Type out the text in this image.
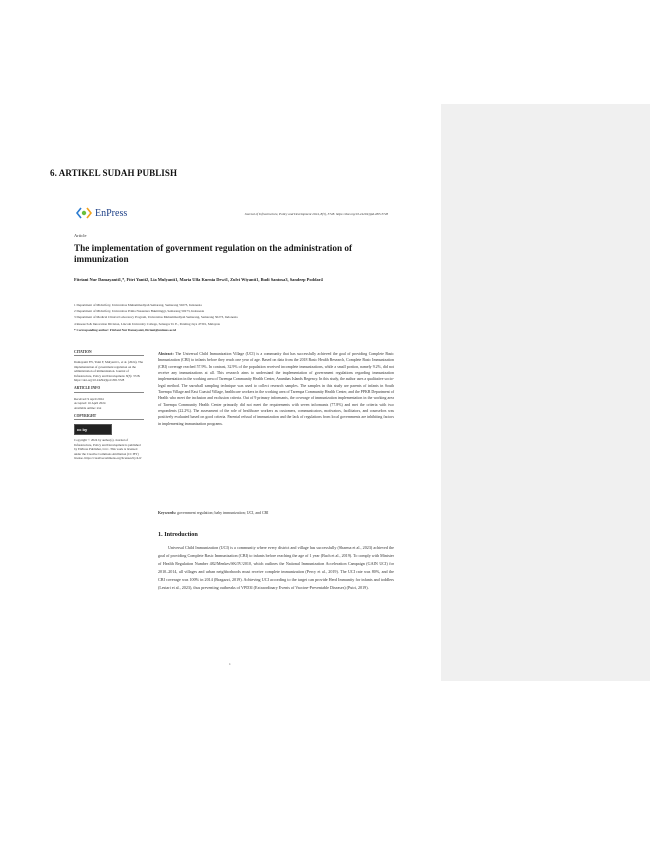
6. ARTIKEL SUDAH PUBLISH
EnPress	Journal of Infrastructure, Policy and Development 2024, 8(5), 3728. https://doi.org/10.24294/jipd.v8i5.3728
Article
The implementation of government regulation on the administration of immunization
Fitriani Nur Damayanti1,*, Fitri Yanti2, Lia Mulyanti1, Maria Ulfa Kurnia Dewi1, Zulvi Wiyanti1, Budi Santosa3, Sandeep Poddar4
1 Department of Midwifery, Universitas Muhammadiyah Semarang, Semarang 50273, Indonesia
2 Department of Midwifery, Universitas Prima Nusantara Bukittinggi, Semarang 50273, Indonesia
3 Department of Medical Clinical Laboratory Program, Universitas Muhammadiyah Semarang, Semarang 50273, Indonesia
4 Research & Innovation Division, Lincoln University College, Selangor D. E., Petaling Jaya 47301, Malaysia
* Corresponding author: Fitriani Nur Damayanti, fitriani@unimus.ac.id

CITATION

Damayanti FN, Yanti F, Mulyanti L, et al. (2024). The implementation of government regulation on the administration of immunization. Journal of Infrastructure, Policy and Development. 8(5): 3728. https://doi.org/10.24294/jipd.v8i5.3728

ARTICLE INFO

Received: 9 April 2024
Accepted: 16 April 2024

Available online: xxx

COPYRIGHT

cc by

Copyright © 2024 by author(s). Journal of Infrastructure, Policy and Development is published by EnPress Publisher, LLC. This work is licensed under the Creative Commons Attribution (CC BY) license. https://creativecommons.org/licenses/by/4.0/

Abstract: The Universal Child Immunization Village (UCI) is a community that has successfully achieved the goal of providing Complete Basic Immunization (CBI) to infants before they reach one year of age. Based on data from the 2018 Basic Health Research, Complete Basic Immunization (CBI) coverage reached 57.9%. In contrast, 32.9% of the population received incomplete immunizations, while a small portion, namely 9.2%, did not receive any immunizations at all. This research aims to understand the implementation of government regulations regarding immunization implementation in the working area of Tarempa Community Health Center, Anambas Islands Regency. In this study, the author uses a qualitative socio-legal method. The snowball sampling technique was used to collect research samples. The samples in this study are parents of infants in South Tarempa Village and East Coastal Village, healthcare workers in the working area of Tarempa Community Health Center, and the PPKB Department of Health who meet the inclusion and exclusion criteria. Out of 9 primary informants, the coverage of immunization implementation in the working area of Tarempa Community Health Center primarily did not meet the requirements with seven informants (77.8%) and met the criteria with two respondents (22.2%). The assessment of the role of healthcare workers as customers, communicators, motivators, facilitators, and counselors was positively evaluated based on good criteria. Parental refusal of immunization and the lack of regulations from local governments are inhibiting factors in implementing immunization programs.

Keywords: government regulation; baby immunization; UCI, and CBI
1. Introduction

Universal Child Immunization (UCI) is a community where every district and village has successfully (Sharma et al., 2023) achieved the goal of providing Complete Basic Immunization (CBI) to infants before reaching the age of 1 year (Bach et al., 2019). To comply with Minister of Health Regulation Number 482/Menkes/SK/IV/2010, which outlines the National Immunization Acceleration Campaign (GAIN UCI) for 2010–2014, all villages and urban neighborhoods must receive complete immunization (Percy et al., 2019). The UCI rate was 80%, and the CBI coverage was 100% in 2014 (Bragazzi, 2019). Achieving UCI according to the target can provide Herd Immunity for infants and toddlers (Lestari et al., 2023), thus preventing outbreaks of VPD3I (Extraordinary Events of Vaccine-Preventable Diseases) (Putri, 2019).

1
